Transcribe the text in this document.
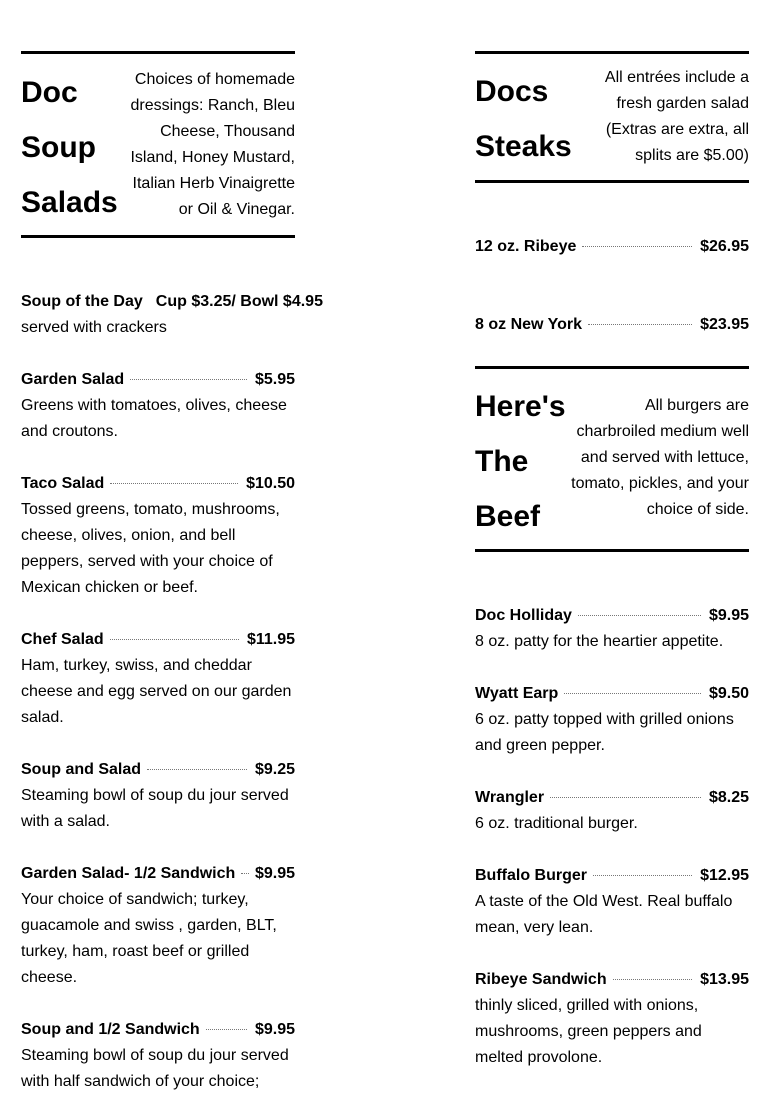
Doc
Soup
Salads
Choices of homemade dressings: Ranch, Bleu Cheese, Thousand Island, Honey Mustard, Italian Herb Vinaigrette or Oil & Vinegar.
Soup of the Day Cup $3.25/ Bowl $4.95
served with crackers
Garden Salad	$5.95
Greens with tomatoes, olives, cheese and croutons.
Taco Salad	$10.50
Tossed greens, tomato, mushrooms, cheese, olives, onion, and bell peppers, served with your choice of Mexican chicken or beef.
Chef Salad	$11.95
Ham, turkey, swiss, and cheddar cheese and egg served on our garden salad.
Soup and Salad	$9.25
Steaming bowl of soup du jour served with a salad.
Garden Salad- 1/2 Sandwich $9.95
Your choice of sandwich; turkey, guacamole and swiss , garden, BLT, turkey, ham, roast beef or grilled cheese.
Soup and 1/2 Sandwich	$9.95
Steaming bowl of soup du jour served with half sandwich of your choice;
Docs
Steaks
All entrées include a fresh garden salad (Extras are extra, all splits are $5.00)
12 oz. Ribeye	$26.95
8 oz New York	$23.95
Here's
The
Beef
All burgers are charbroiled medium well and served with lettuce, tomato, pickles, and your choice of side.
Doc Holliday	$9.95
8 oz. patty for the heartier appetite.
Wyatt Earp	$9.50
6 oz. patty topped with grilled onions and green pepper.
Wrangler	$8.25
6 oz. traditional burger.
Buffalo Burger	$12.95
A taste of the Old West. Real buffalo mean, very lean.
Ribeye Sandwich	$13.95
thinly sliced, grilled with onions, mushrooms, green peppers and melted provolone.
